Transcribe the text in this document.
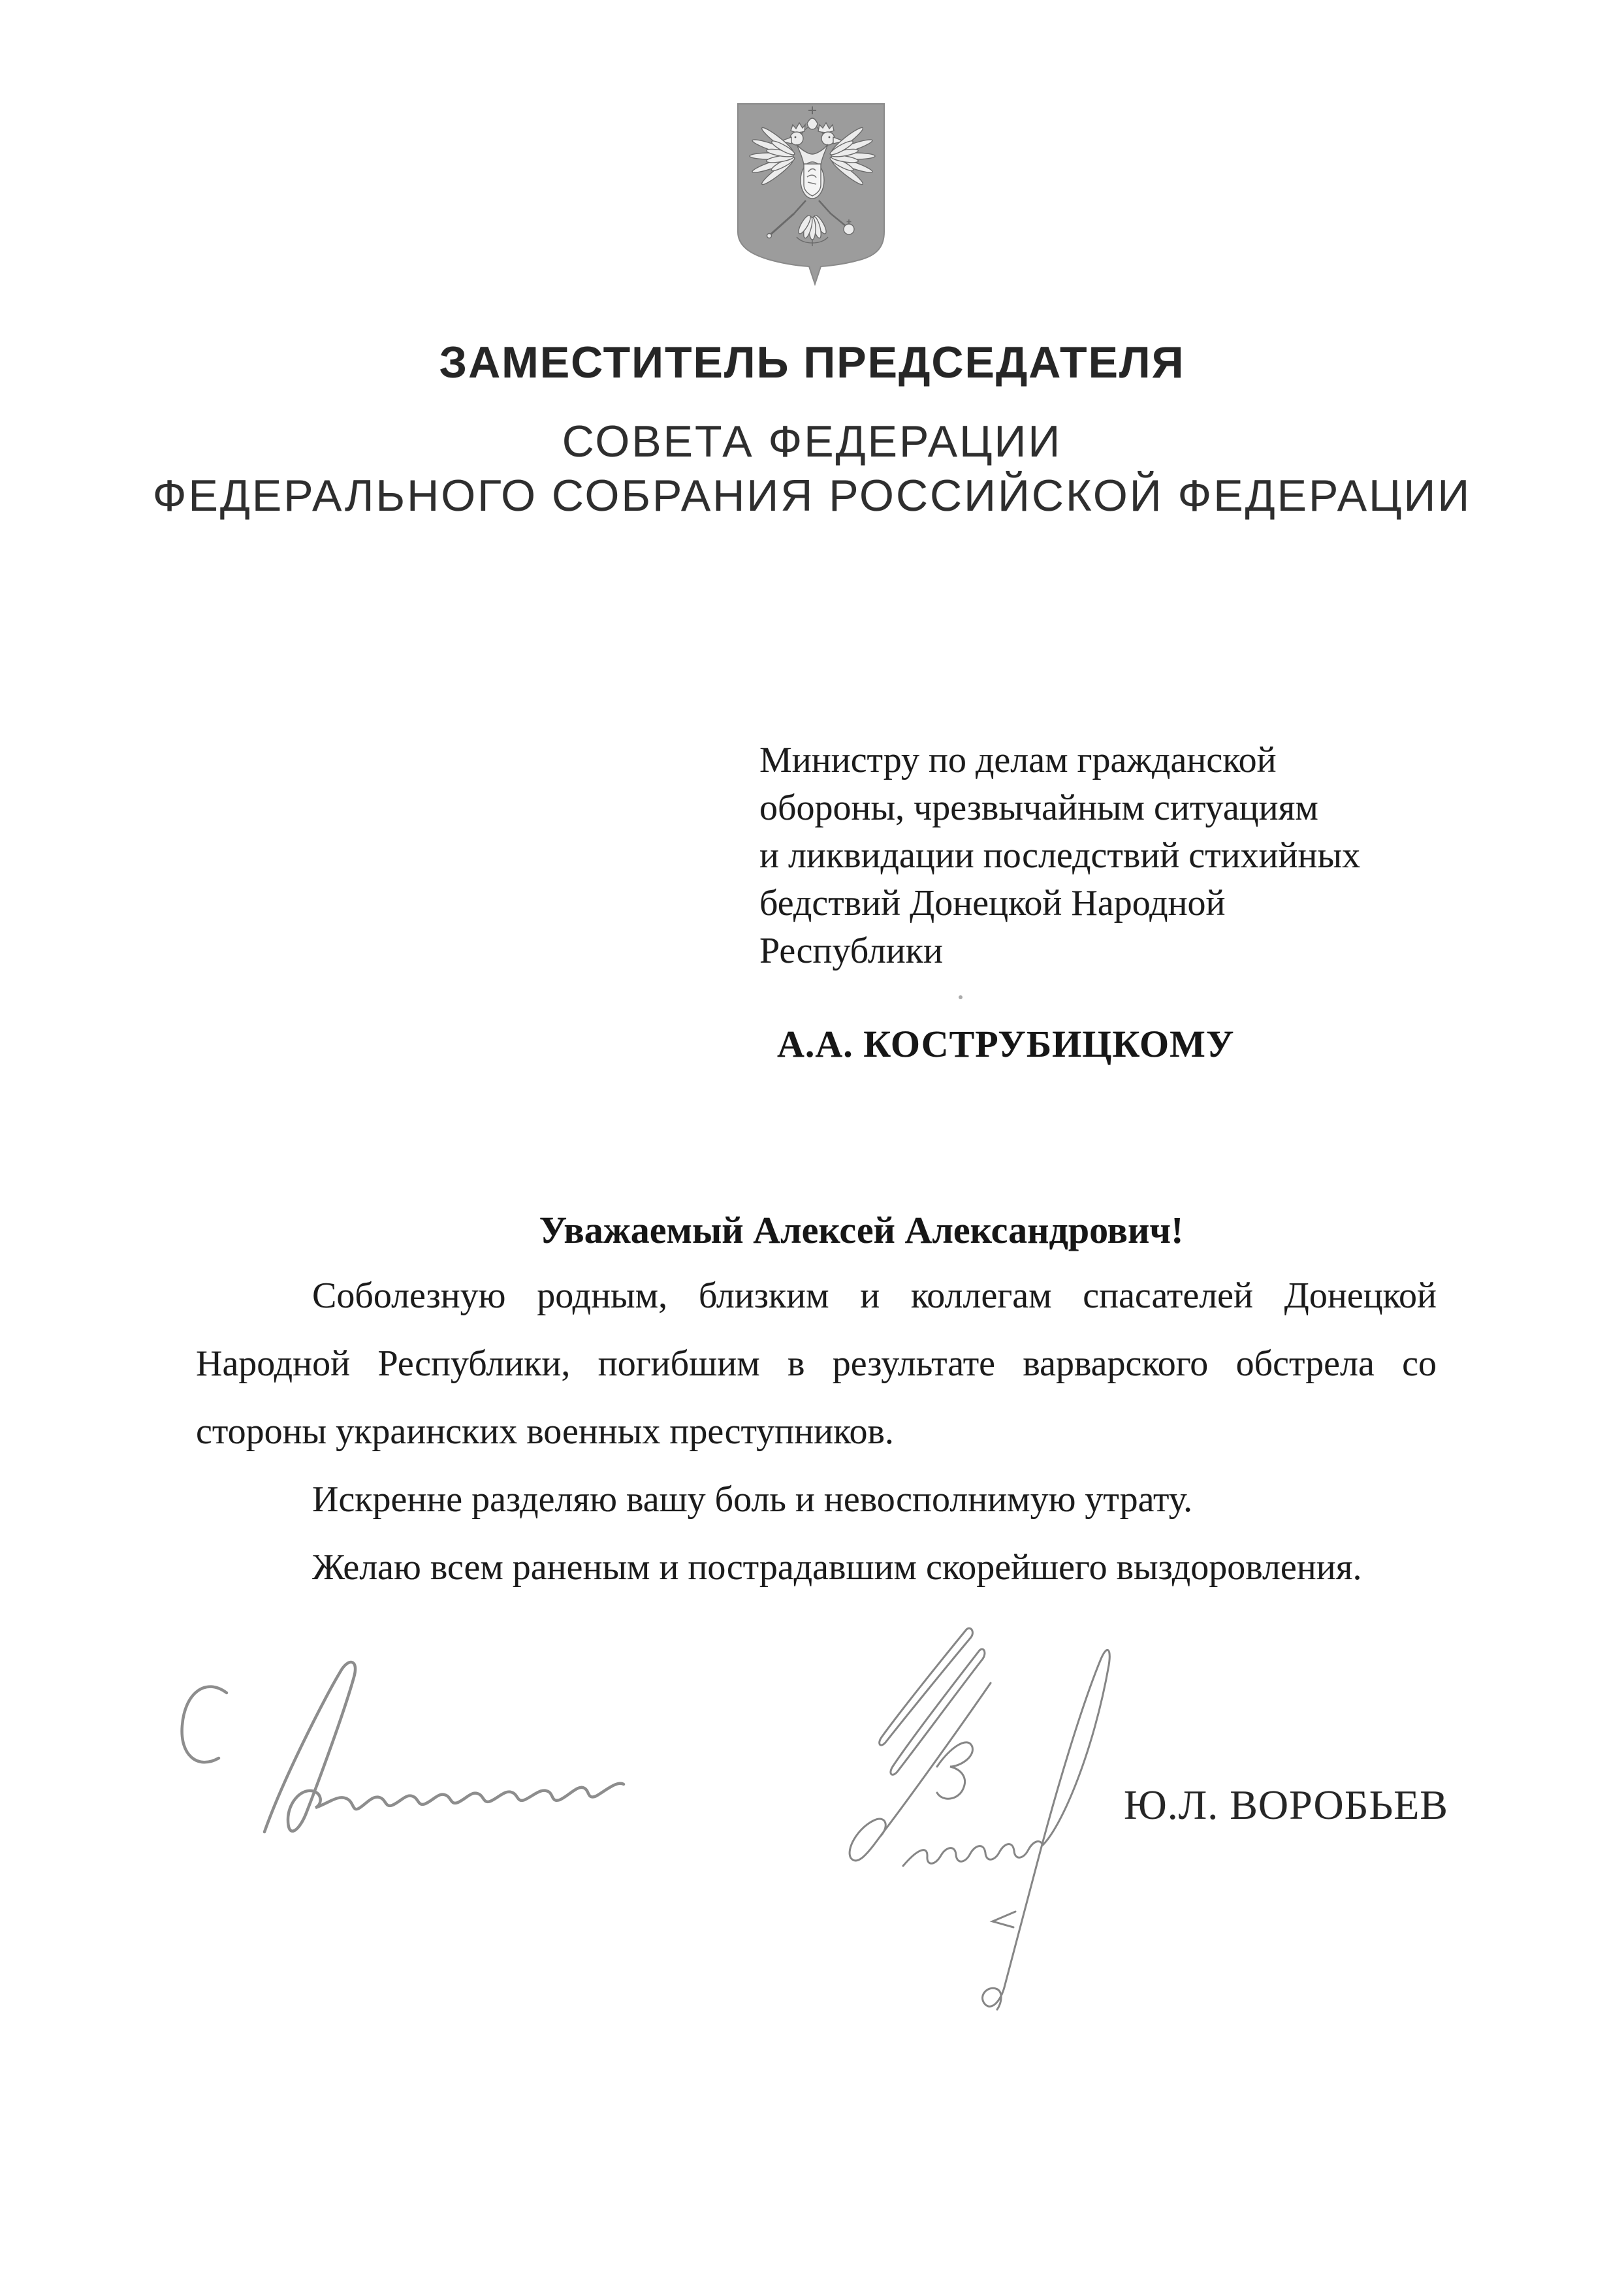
ЗАМЕСТИТЕЛЬ ПРЕДСЕДАТЕЛЯ
СОВЕТА ФЕДЕРАЦИИ
ФЕДЕРАЛЬНОГО СОБРАНИЯ РОССИЙСКОЙ ФЕДЕРАЦИИ
Министру по делам гражданской
обороны, чрезвычайным ситуациям
и ликвидации последствий стихийных
бедствий Донецкой Народной
Республики
А.А. КОСТРУБИЦКОМУ
Уважаемый Алексей Александрович!
Соболезную родным, близким и коллегам спасателей Донецкой
Народной Республики, погибшим в результате варварского обстрела со
стороны украинских военных преступников.
Искренне разделяю вашу боль и невосполнимую утрату.
Желаю всем раненым и пострадавшим скорейшего выздоровления.
Ю.Л. ВОРОБЬЕВ
